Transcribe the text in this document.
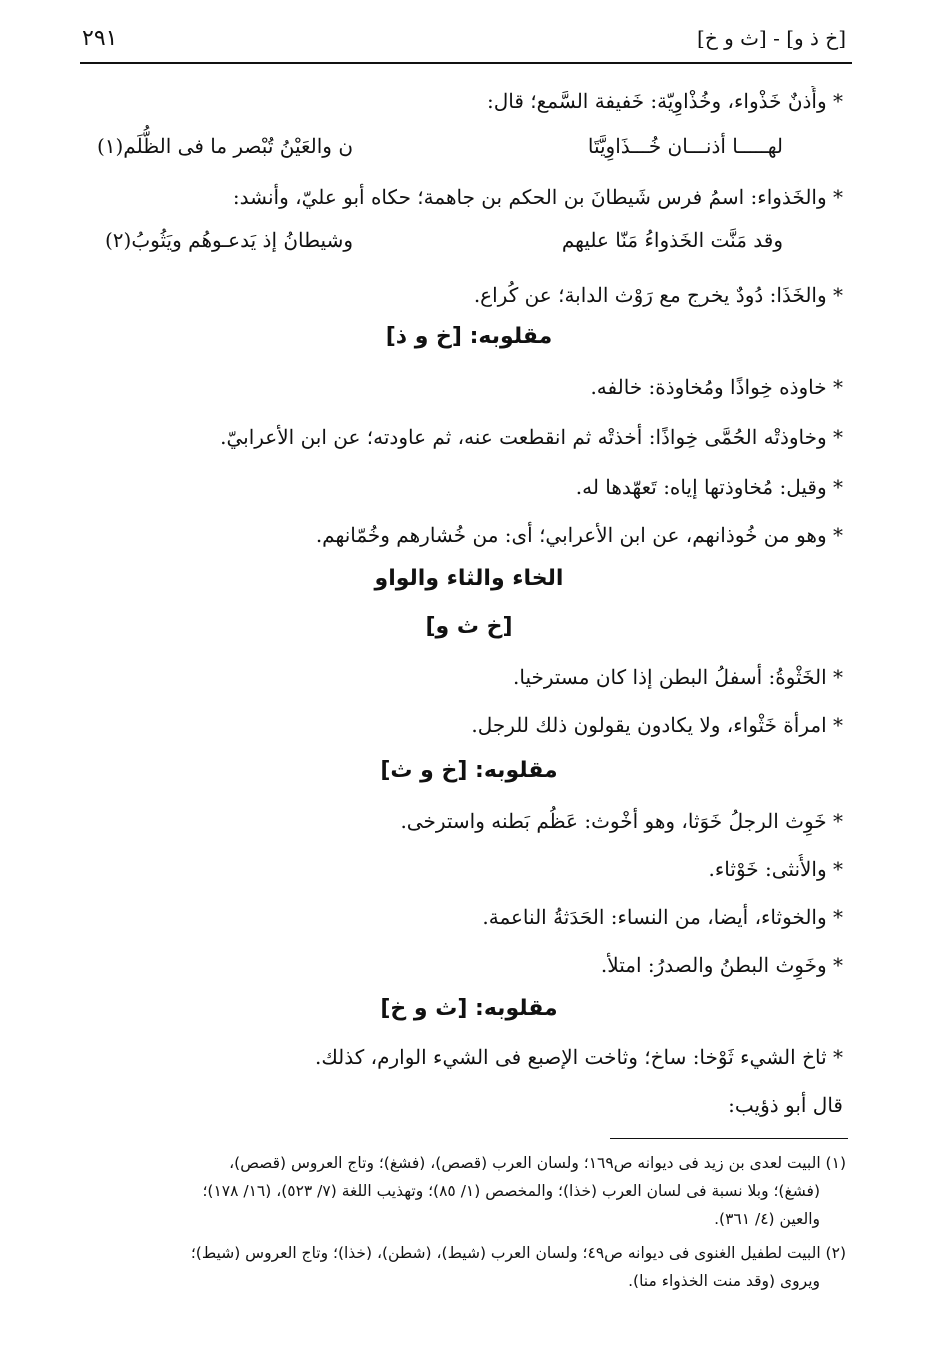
٢٩١	[خ ذ و] - [ث و خ]
* وأُذنٌ خَذْواء، وخُذْاوِيّة: خَفيفة السَّمع؛ قال:
لهـــــا أذنـــان خُـــذَاوِيَّتَا
ن والعَيْنُ تُبْصر ما فى الظُّلَم(١)
* والخَذواء: اسمُ فرس شَيطانَ بن الحكم بن جاهمة؛ حكاه أبو عليّ، وأنشد:
وقد مَنَّت الخَذواءُ مَنّا عليهم
وشيطانُ إذ يَدعـوهُم ويَثُوبُ(٢)
* والخَذَا: دُودٌ يخرج مع رَوْث الدابة؛ عن كُراع.
مقلوبه: [خ و ذ]
* خاوذه خِواذًا ومُخاوذة: خالفه.
* وخاوذتْه الحُمَّى خِواذًا: أخذتْه ثم انقطعت عنه، ثم عاودته؛ عن ابن الأعرابيّ.
* وقيل: مُخاوذتها إياه: تَعهّدها له.
* وهو من خُوذانهم، عن ابن الأعرابي؛ أى: من خُشارهم وخُمّانهم.
الخاء والثاء والواو
[خ ث و]
* الخَثْوةُ: أسفلُ البطن إذا كان مسترخيا.
* امرأة خَثْواء، ولا يكادون يقولون ذلك للرجل.
مقلوبه: [خ و ث]
* خَوِث الرجلُ خَوَثا، وهو أخْوث: عَظُم بَطنه واسترخى.
* والأُنثى: خَوْثاء.
* والخوثاء، أيضا، من النساء: الحَدَثةُ الناعمة.
* وخَوِث البطنُ والصدرُ: امتلأ.
مقلوبه: [ث و خ]
* ثاخ الشيء ثَوْخا: ساخ؛ وثاخت الإصبع فى الشيء الوارم، كذلك.
قال أبو ذؤيب:
(١) البيت لعدى بن زيد فى ديوانه ص١٦٩؛ ولسان العرب (قصص)، (فشغ)؛ وتاج العروس (قصص)،
(فشغ)؛ وبلا نسبة فى لسان العرب (خذا)؛ والمخصص (١/ ٨٥)؛ وتهذيب اللغة (٧/ ٥٢٣)، (١٦/ ١٧٨)؛
والعين (٤/ ٣٦١).
(٢) البيت لطفيل الغنوى فى ديوانه ص٤٩؛ ولسان العرب (شيط)، (شطن)، (خذا)؛ وتاج العروس (شيط)؛
ويروى (وقد منت الخذواء منا).
